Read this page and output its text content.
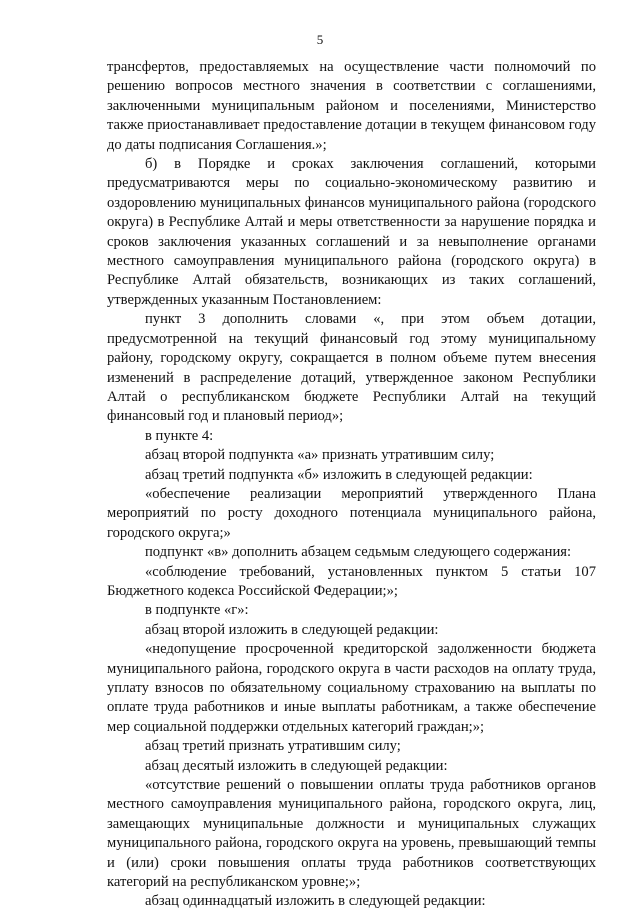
5

трансфертов, предоставляемых на осуществление части полномочий по решению вопросов местного значения в соответствии с соглашениями, заключенными муниципальным районом и поселениями, Министерство также приостанавливает предоставление дотации в текущем финансовом году до даты подписания Соглашения.»;

б) в Порядке и сроках заключения соглашений, которыми предусматриваются меры по социально-экономическому развитию и оздоровлению муниципальных финансов муниципального района (городского округа) в Республике Алтай и меры ответственности за нарушение порядка и сроков заключения указанных соглашений и за невыполнение органами местного самоуправления муниципального района (городского округа) в Республике Алтай обязательств, возникающих из таких соглашений, утвержденных указанным Постановлением:

пункт 3 дополнить словами «, при этом объем дотации, предусмотренной на текущий финансовый год этому муниципальному району, городскому округу, сокращается в полном объеме путем внесения изменений в распределение дотаций, утвержденное законом Республики Алтай о республиканском бюджете Республики Алтай на текущий финансовый год и плановый период»;

в пункте 4:

абзац второй подпункта «а» признать утратившим силу;

абзац третий подпункта «б» изложить в следующей редакции:

«обеспечение реализации мероприятий утвержденного Плана мероприятий по росту доходного потенциала муниципального района, городского округа;»

подпункт «в» дополнить абзацем седьмым следующего содержания:

«соблюдение требований, установленных пунктом 5 статьи 107 Бюджетного кодекса Российской Федерации;»;

в подпункте «г»:

абзац второй изложить в следующей редакции:

«недопущение просроченной кредиторской задолженности бюджета муниципального района, городского округа в части расходов на оплату труда, уплату взносов по обязательному социальному страхованию на выплаты по оплате труда работников и иные выплаты работникам, а также обеспечение мер социальной поддержки отдельных категорий граждан;»;

абзац третий признать утратившим силу;

абзац десятый изложить в следующей редакции:

«отсутствие решений о повышении оплаты труда работников органов местного самоуправления муниципального района, городского округа, лиц, замещающих муниципальные должности и муниципальных служащих муниципального района, городского округа на уровень, превышающий темпы и (или) сроки повышения оплаты труда работников соответствующих категорий на республиканском уровне;»;

абзац одиннадцатый изложить в следующей редакции:
